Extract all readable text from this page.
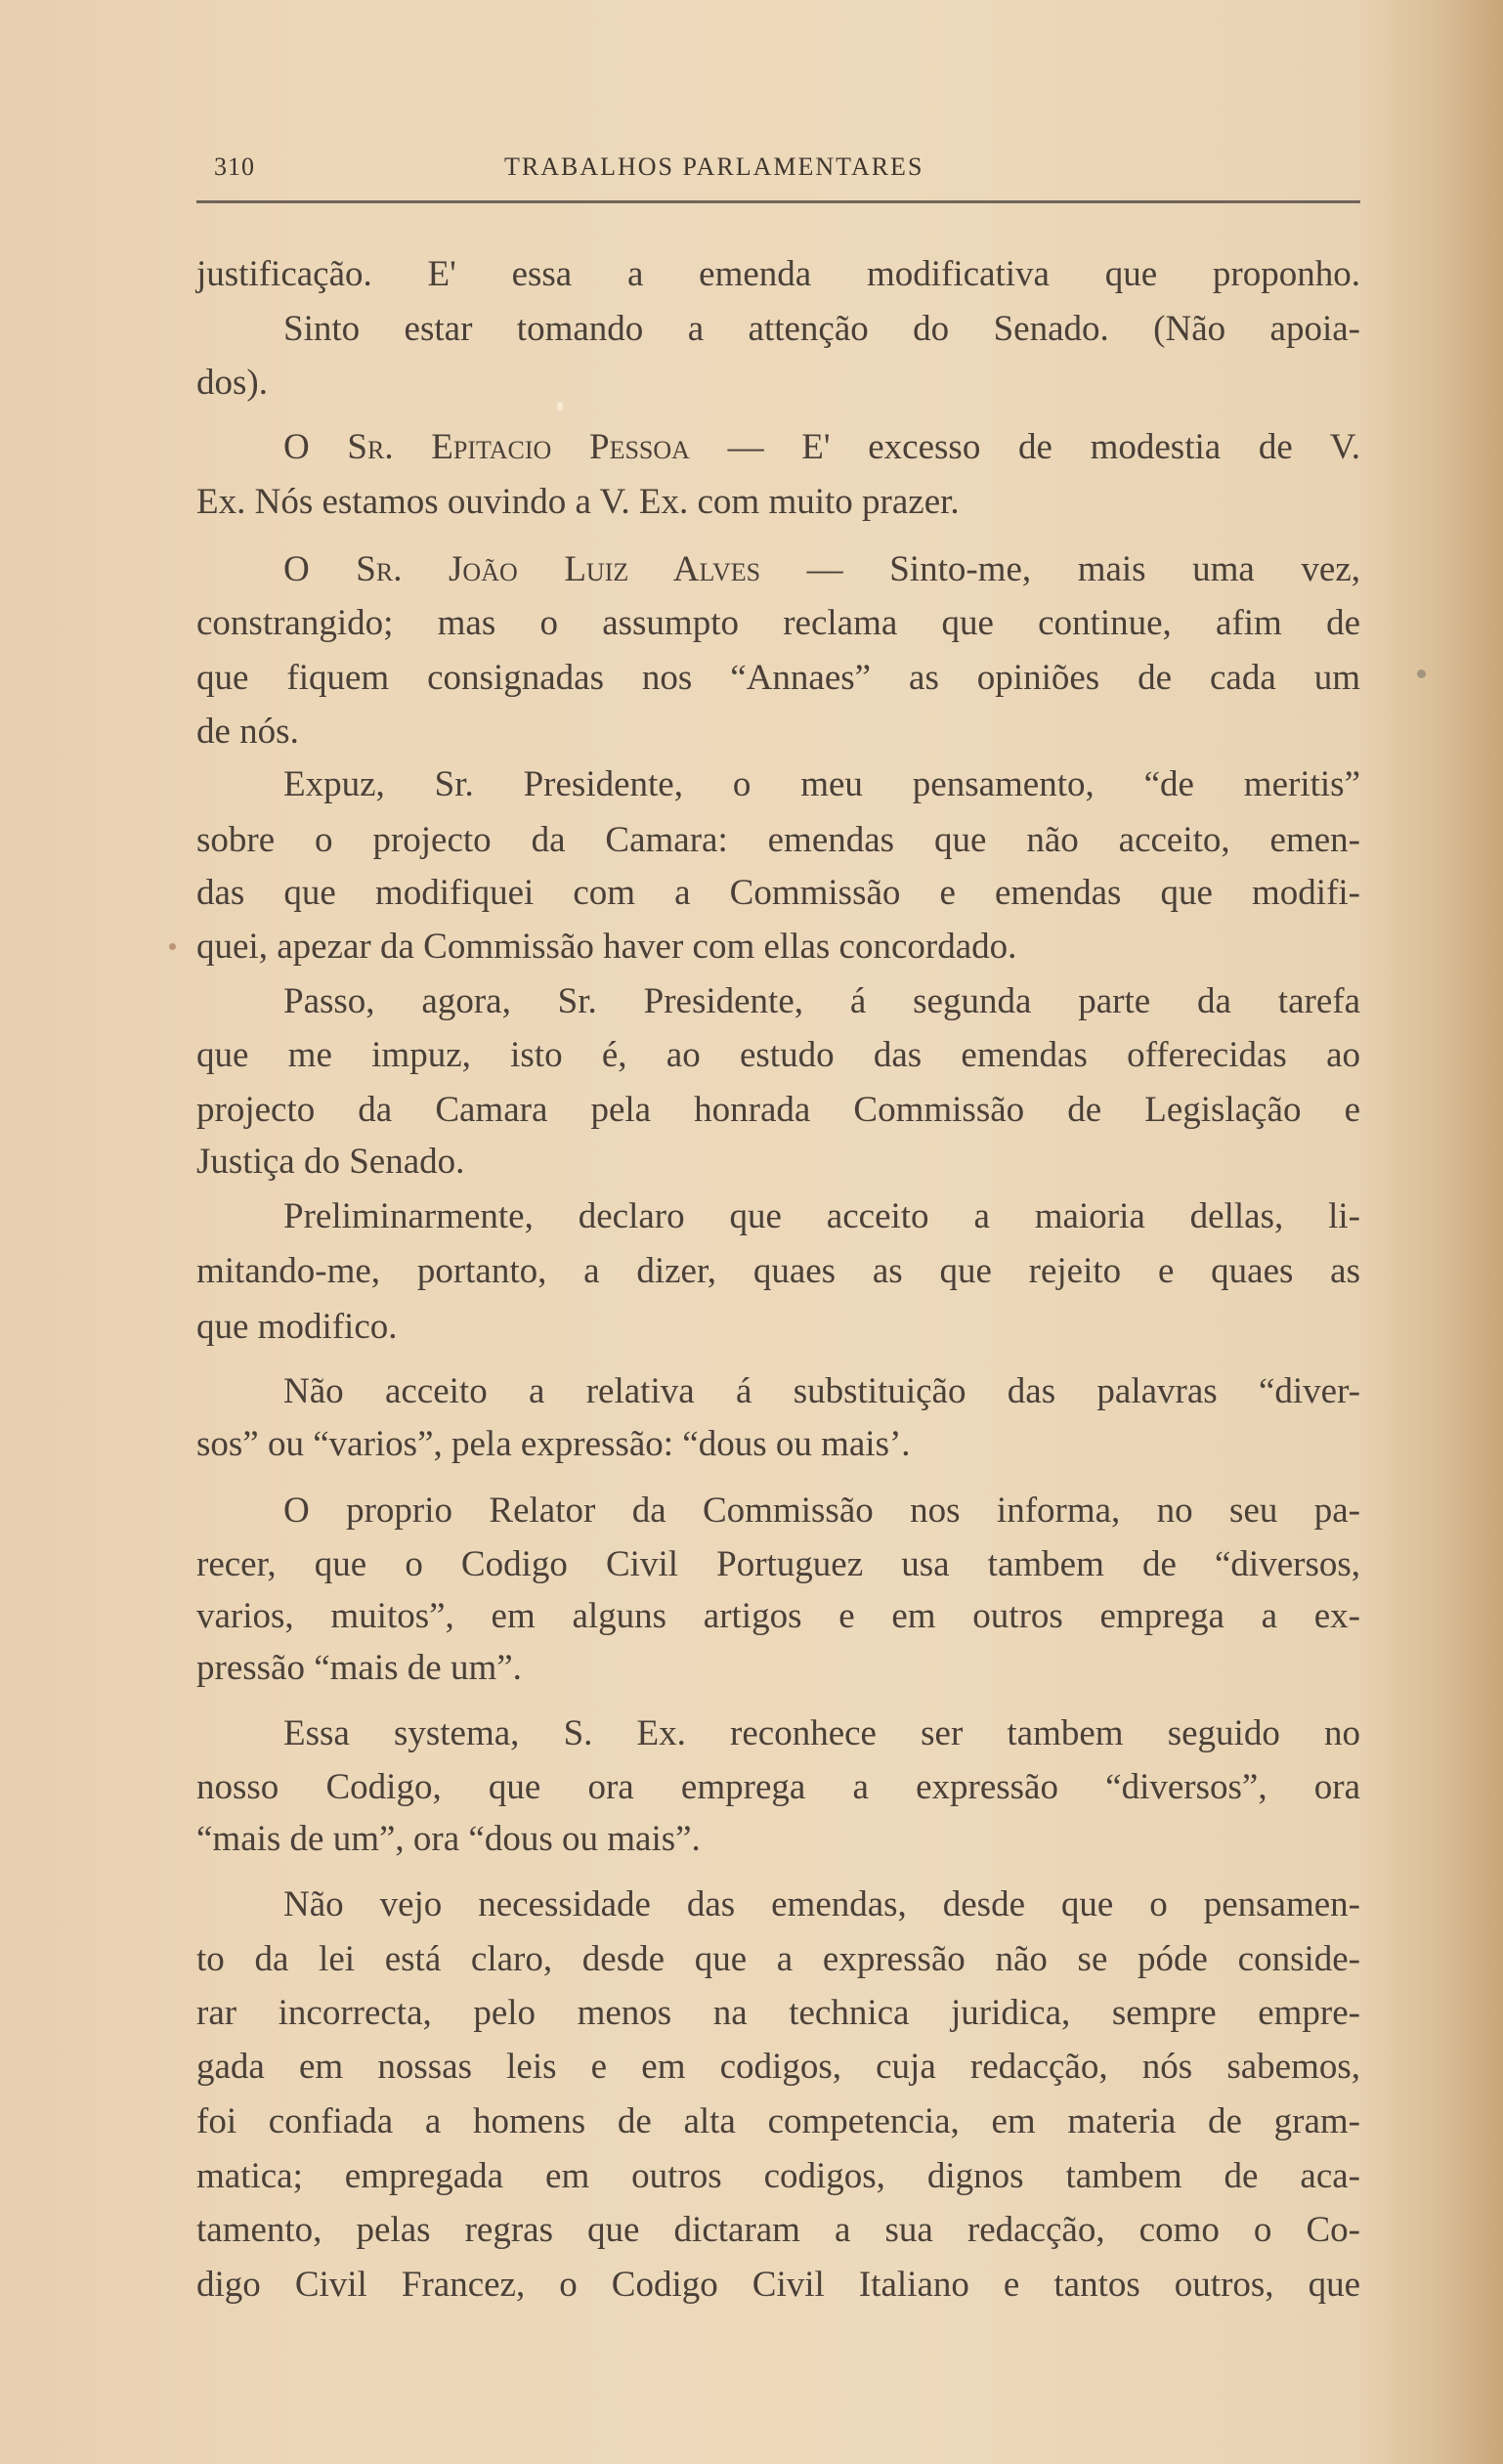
310	TRABALHOS PARLAMENTARES
justificação. E' essa a emenda modificativa que proponho.
Sinto estar tomando a attenção do Senado. (Não apoia-
dos).
O Sr. Epitacio Pessoa — E' excesso de modestia de V.
Ex. Nós estamos ouvindo a V. Ex. com muito prazer.
O Sr. João Luiz Alves — Sinto-me, mais uma vez,
constrangido; mas o assumpto reclama que continue, afim de
que fiquem consignadas nos “Annaes” as opiniões de cada um
de nós.
Expuz, Sr. Presidente, o meu pensamento, “de meritis”
sobre o projecto da Camara: emendas que não acceito, emen-
das que modifiquei com a Commissão e emendas que modifi-
quei, apezar da Commissão haver com ellas concordado.
Passo, agora, Sr. Presidente, á segunda parte da tarefa
que me impuz, isto é, ao estudo das emendas offerecidas ao
projecto da Camara pela honrada Commissão de Legislação e
Justiça do Senado.
Preliminarmente, declaro que acceito a maioria dellas, li-
mitando-me, portanto, a dizer, quaes as que rejeito e quaes as
que modifico.
Não acceito a relativa á substituição das palavras “diver-
sos” ou “varios”, pela expressão: “dous ou mais’.
O proprio Relator da Commissão nos informa, no seu pa-
recer, que o Codigo Civil Portuguez usa tambem de “diversos,
varios, muitos”, em alguns artigos e em outros emprega a ex-
pressão “mais de um”.
Essa systema, S. Ex. reconhece ser tambem seguido no
nosso Codigo, que ora emprega a expressão “diversos”, ora
“mais de um”, ora “dous ou mais”.
Não vejo necessidade das emendas, desde que o pensamen-
to da lei está claro, desde que a expressão não se póde conside-
rar incorrecta, pelo menos na technica juridica, sempre empre-
gada em nossas leis e em codigos, cuja redacção, nós sabemos,
foi confiada a homens de alta competencia, em materia de gram-
matica; empregada em outros codigos, dignos tambem de aca-
tamento, pelas regras que dictaram a sua redacção, como o Co-
digo Civil Francez, o Codigo Civil Italiano e tantos outros, que
